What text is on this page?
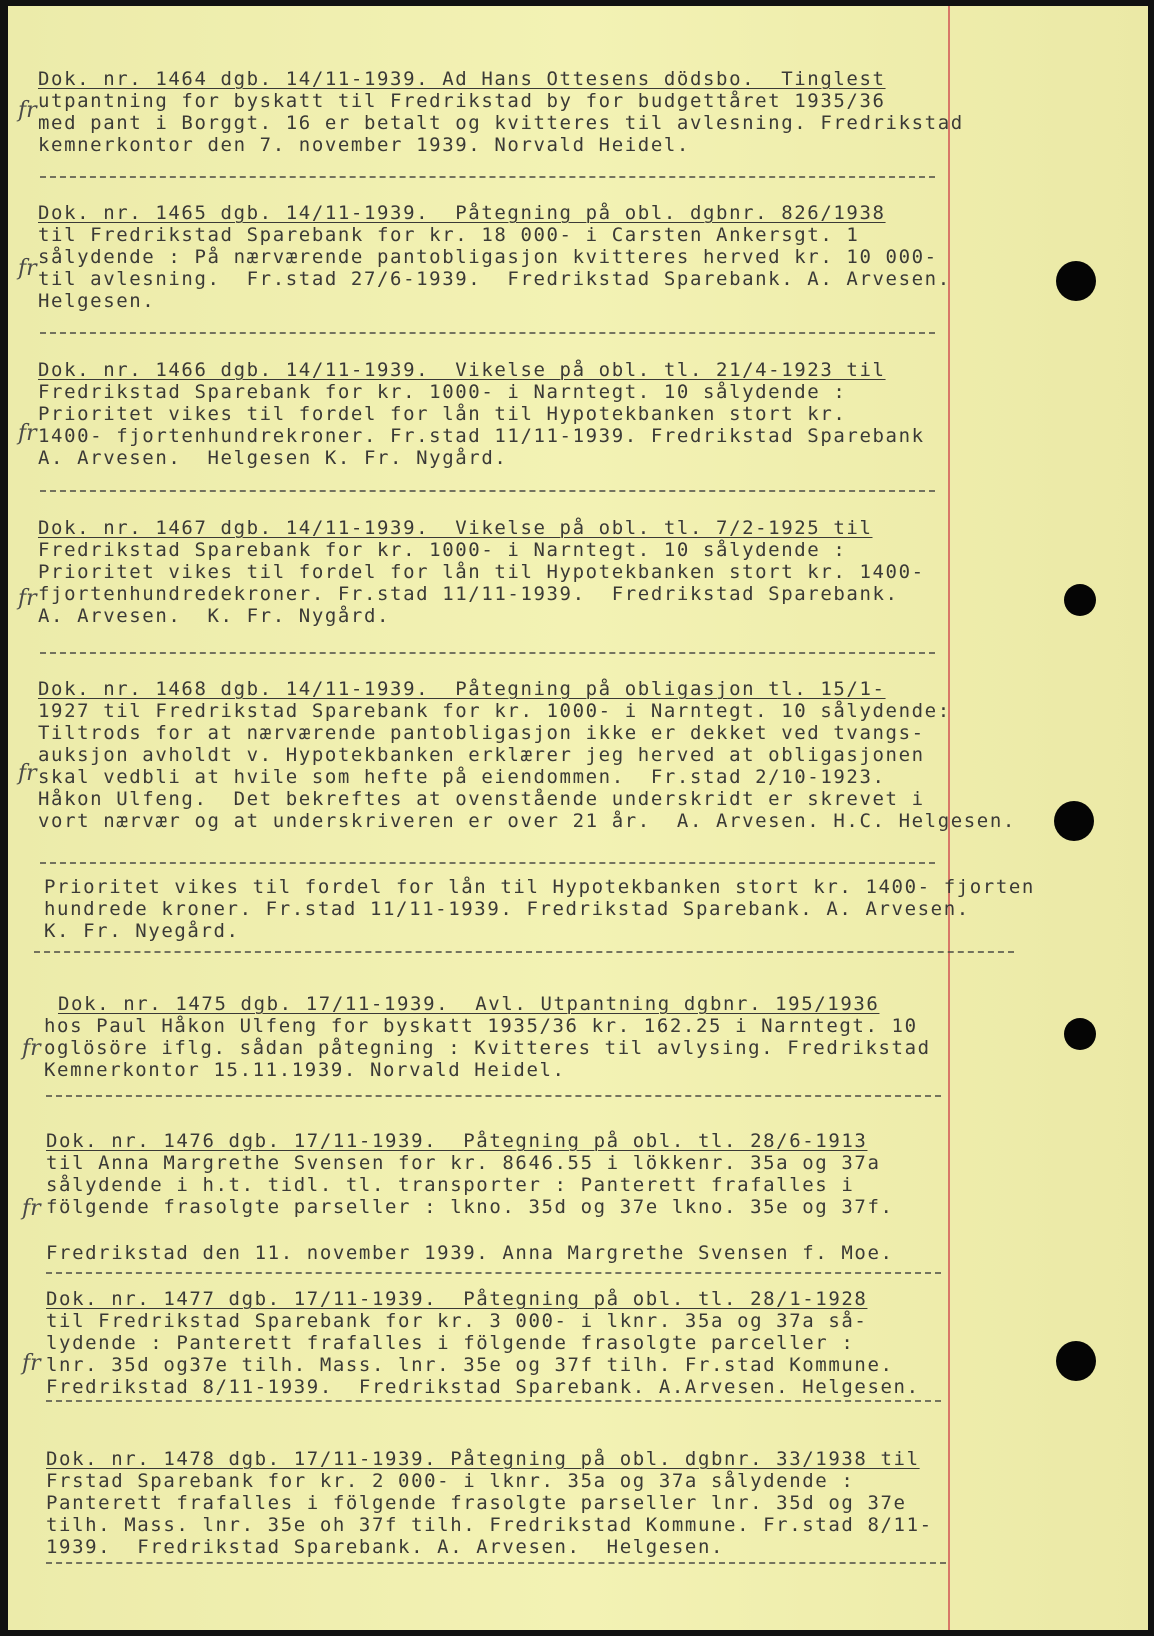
Dok. nr. 1464 dgb. 14/11-1939. Ad Hans Ottesens dödsbo.  Tinglest
utpantning for byskatt til Fredrikstad by for budgettåret 1935/36
med pant i Borggt. 16 er betalt og kvitteres til avlesning. Fredrikstad
kemnerkontor den 7. november 1939. Norvald Heidel.
Dok. nr. 1465 dgb. 14/11-1939.  Påtegning på obl. dgbnr. 826/1938
til Fredrikstad Sparebank for kr. 18 000- i Carsten Ankersgt. 1
sålydende : På nærværende pantobligasjon kvitteres herved kr. 10 000-
til avlesning.  Fr.stad 27/6-1939.  Fredrikstad Sparebank. A. Arvesen.
Helgesen.
Dok. nr. 1466 dgb. 14/11-1939.  Vikelse på obl. tl. 21/4-1923 til
Fredrikstad Sparebank for kr. 1000- i Narntegt. 10 sålydende :
Prioritet vikes til fordel for lån til Hypotekbanken stort kr.
1400- fjortenhundrekroner. Fr.stad 11/11-1939. Fredrikstad Sparebank
A. Arvesen.  Helgesen K. Fr. Nygård.
Dok. nr. 1467 dgb. 14/11-1939.  Vikelse på obl. tl. 7/2-1925 til
Fredrikstad Sparebank for kr. 1000- i Narntegt. 10 sålydende :
Prioritet vikes til fordel for lån til Hypotekbanken stort kr. 1400-
fjortenhundredekroner. Fr.stad 11/11-1939.  Fredrikstad Sparebank.
A. Arvesen.  K. Fr. Nygård.
Dok. nr. 1468 dgb. 14/11-1939.  Påtegning på obligasjon tl. 15/1-
1927 til Fredrikstad Sparebank for kr. 1000- i Narntegt. 10 sålydende:
Tiltrods for at nærværende pantobligasjon ikke er dekket ved tvangs-
auksjon avholdt v. Hypotekbanken erklærer jeg herved at obligasjonen
skal vedbli at hvile som hefte på eiendommen.  Fr.stad 2/10-1923.
Håkon Ulfeng.  Det bekreftes at ovenstående underskridt er skrevet i
vort nærvær og at underskriveren er over 21 år.  A. Arvesen. H.C. Helgesen.
Prioritet vikes til fordel for lån til Hypotekbanken stort kr. 1400- fjorten
hundrede kroner. Fr.stad 11/11-1939. Fredrikstad Sparebank. A. Arvesen.
K. Fr. Nyegård.
Dok. nr. 1475 dgb. 17/11-1939.  Avl. Utpantning dgbnr. 195/1936
hos Paul Håkon Ulfeng for byskatt 1935/36 kr. 162.25 i Narntegt. 10
oglösöre iflg. sådan påtegning : Kvitteres til avlysing. Fredrikstad
Kemnerkontor 15.11.1939. Norvald Heidel.
Dok. nr. 1476 dgb. 17/11-1939.  Påtegning på obl. tl. 28/6-1913
til Anna Margrethe Svensen for kr. 8646.55 i lökkenr. 35a og 37a
sålydende i h.t. tidl. tl. transporter : Panterett frafalles i
fölgende frasolgte parseller : lkno. 35d og 37e lkno. 35e og 37f.
Fredrikstad den 11. november 1939. Anna Margrethe Svensen f. Moe.
Dok. nr. 1477 dgb. 17/11-1939.  Påtegning på obl. tl. 28/1-1928
til Fredrikstad Sparebank for kr. 3 000- i lknr. 35a og 37a så-
lydende : Panterett frafalles i fölgende frasolgte parceller :
lnr. 35d og37e tilh. Mass. lnr. 35e og 37f tilh. Fr.stad Kommune.
Fredrikstad 8/11-1939.  Fredrikstad Sparebank. A.Arvesen. Helgesen.
Dok. nr. 1478 dgb. 17/11-1939. Påtegning på obl. dgbnr. 33/1938 til
Frstad Sparebank for kr. 2 000- i lknr. 35a og 37a sålydende :
Panterett frafalles i fölgende frasolgte parseller lnr. 35d og 37e
tilh. Mass. lnr. 35e oh 37f tilh. Fredrikstad Kommune. Fr.stad 8/11-
1939.  Fredrikstad Sparebank. A. Arvesen.  Helgesen.
fr
fr
fr
fr
fr
fr
fr
fr
